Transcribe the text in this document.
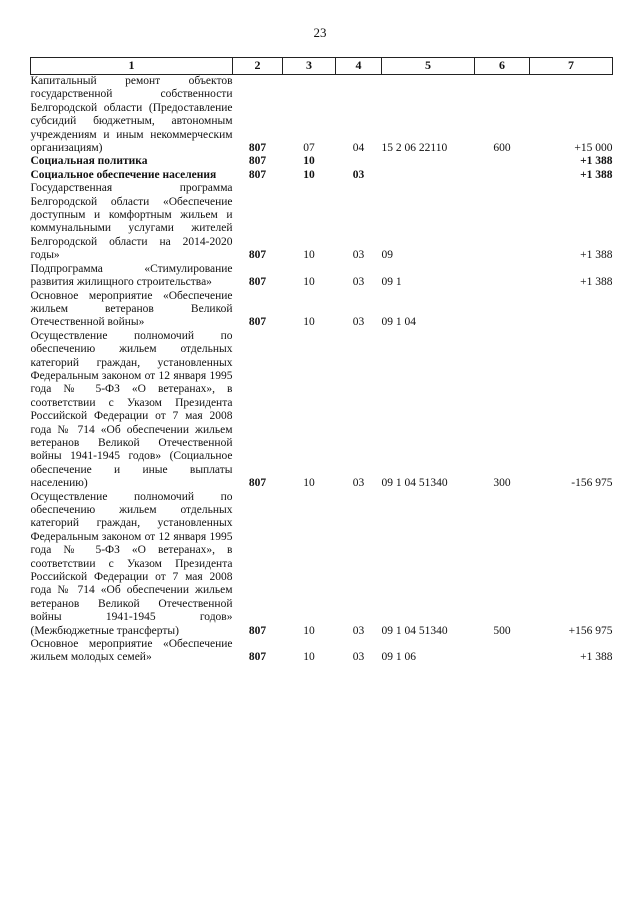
23
1	2	3	4	5	6	7
Капитальный ремонт объектов государственной собственности Белгородской области (Предоставление субсидий бюджетным, автономным учреждениям и иным некоммерческим организациям)	807	07	04	15 2 06 22110	600	+15 000
Социальная политика	807	10				+1 388
Социальное обеспечение населения	807	10	03			+1 388
Государственная программа Белгородской области «Обеспечение доступным и комфортным жильем и коммунальными услугами жителей Белгородской области на 2014-2020 годы»	807	10	03	09		+1 388
Подпрограмма «Стимулирование развития жилищного строительства»	807	10	03	09 1		+1 388
Основное мероприятие «Обеспечение жильем ветеранов Великой Отечественной войны»	807	10	03	09 1 04		
Осуществление полномочий по обеспечению жильем отдельных категорий граждан, установленных Федеральным законом от 12 января 1995 года № 5-ФЗ «О ветеранах», в соответствии с Указом Президента Российской Федерации от 7 мая 2008 года № 714 «Об обеспечении жильем ветеранов Великой Отечественной войны 1941-1945 годов» (Социальное обеспечение и иные выплаты населению)	807	10	03	09 1 04 51340	300	-156 975
Осуществление полномочий по обеспечению жильем отдельных категорий граждан, установленных Федеральным законом от 12 января 1995 года № 5-ФЗ «О ветеранах», в соответствии с Указом Президента Российской Федерации от 7 мая 2008 года № 714 «Об обеспечении жильем ветеранов Великой Отечественной войны 1941-1945 годов» (Межбюджетные трансферты)	807	10	03	09 1 04 51340	500	+156 975
Основное мероприятие «Обеспечение жильем молодых семей»	807	10	03	09 1 06		+1 388
